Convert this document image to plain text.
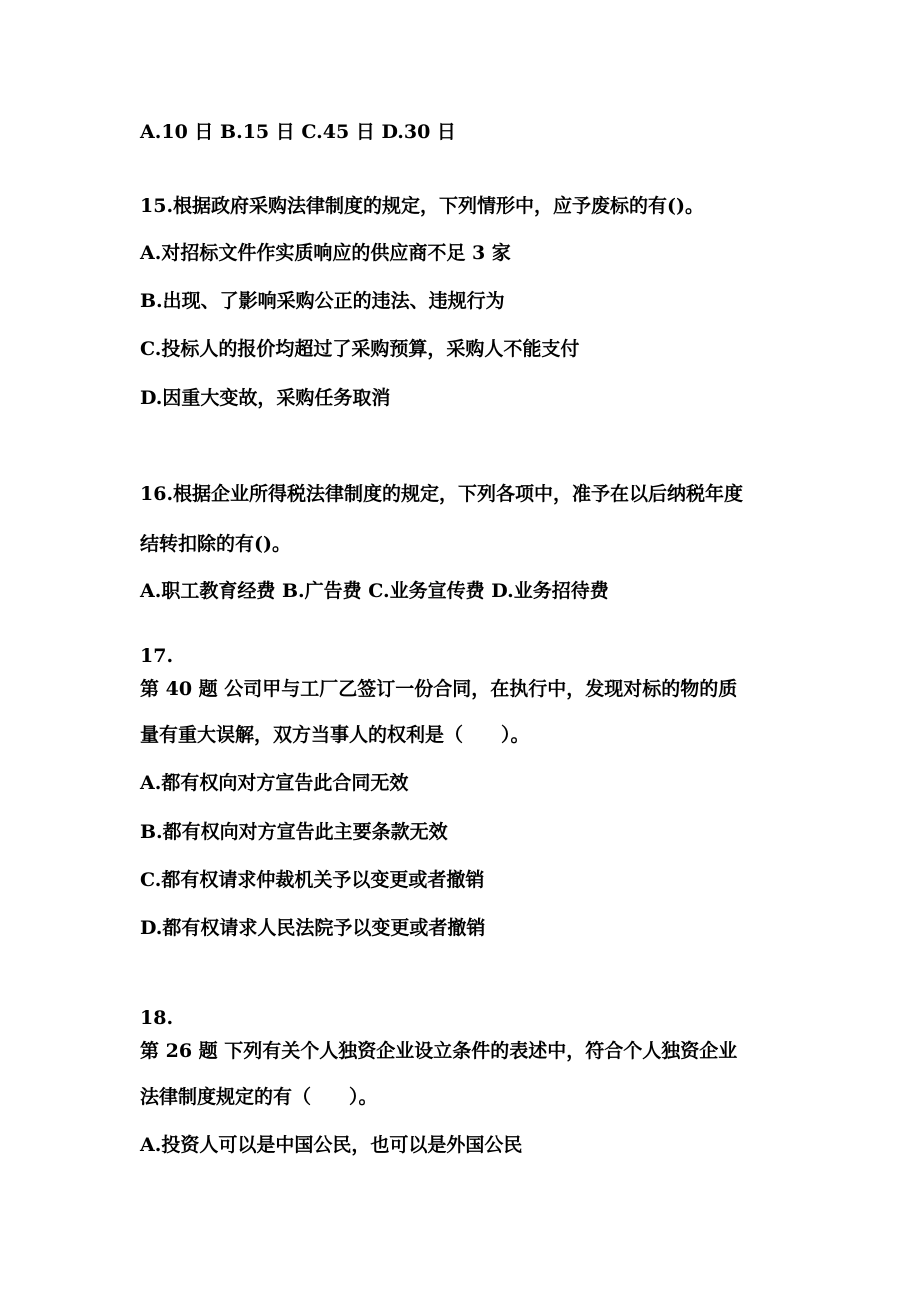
A.10 日 B.15 日 C.45 日 D.30 日
15.根据政府采购法律制度的规定，下列情形中，应予废标的有()。
A.对招标文件作实质响应的供应商不足 3 家
B.出现、了影响采购公正的违法、违规行为
C.投标人的报价均超过了采购预算，采购人不能支付
D.因重大变故，采购任务取消
16.根据企业所得税法律制度的规定，下列各项中，准予在以后纳税年度
结转扣除的有()。
A.职工教育经费 B.广告费 C.业务宣传费 D.业务招待费
17.
第 40 题 公司甲与工厂乙签订一份合同，在执行中，发现对标的物的质
量有重大误解，双方当事人的权利是（　　）。
A.都有权向对方宣告此合同无效
B.都有权向对方宣告此主要条款无效
C.都有权请求仲裁机关予以变更或者撤销
D.都有权请求人民法院予以变更或者撤销
18.
第 26 题 下列有关个人独资企业设立条件的表述中，符合个人独资企业
法律制度规定的有（　　）。
A.投资人可以是中国公民，也可以是外国公民
